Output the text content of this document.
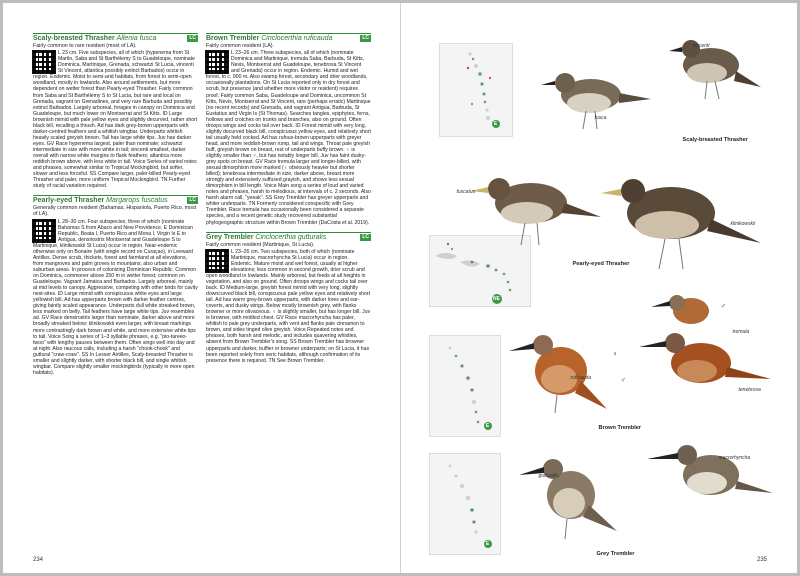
Scaly-breasted Thrasher Allenia fusca	LC
Fairly common to rare resident (most of LA).
L 23 cm. Five subspecies, all of which (hypenema from St Martin, Saba and St Barthélemy S to Guadeloupe, nominate Dominica, Martinique, Grenada, schwartzi St Lucia, vincenti St Vincent, atlantica possibly extinct Barbados) occur in region. Endemic. Moist to semi-arid habitats, from forest to semi-open woodland, mostly in lowlands. Also around settlements, but more dependent on wetter forest than Pearly-eyed Thrasher. Fairly common from Saba and St Barthélemy S to St Lucia, but rare and local on Grenada, vagrant on Grenadines, and very rare Barbuda and possibly extinct Barbados. Largely arboreal, forages in canopy on Dominica and Guadeloupe, but much lower on Montserrat and St Kitts. ID Large brownish mimid with pale yellow eyes and slightly decurved, rather short black bill, recalling a thrush. Ad has dark grey-brown upperparts with darker-centred feathers and a whitish wingbar. Underparts whitish heavily scaled greyish brown. Tail has large white tips. Juv has darker eyes. GV Race hypenema largest, paler than nominate; schwartzi intermediate in size with more white in tail; vincenti smallest, darker overall with narrow white margins to flank feathers; atlantica more reddish brown above, with less white in tail. Voice Series of varied notes and phrases, somewhat similar to Tropical Mockingbird, but softer, slower and less forceful. SS Compare larger, paler-billed Pearly-eyed Thrasher and paler, more uniform Tropical Mockingbird. TN Further study of racial variation required.
Pearly-eyed Thrasher Margarops fuscatus	LC
Generally common resident (Bahamas, Hispaniola, Puerto Rico, most of LA).
L 28–30 cm. Four subspecies, three of which (nominate Bahamas S from Abaco and New Providence, E Dominican Republic, Beata I, Puerto Rico and Mona I, Virgin Is E to Antigua, densirostris Montserrat and Guadeloupe S to Martinique, klinikowskii St Lucia) occur in region. Near-endemic otherwise only on Bonaire (with single record on Curaçao), in Leeward Antilles. Dense scrub, thickets, forest and farmland at all elevations, from mangroves and palm groves to mountains; also urban and suburban areas. In process of colonizing Dominican Republic. Common on Dominica, commoner above 250 m in wetter forest; common on Guadeloupe. Vagrant Jamaica and Barbados. Largely arboreal, mainly at mid levels to canopy. Aggressive, competing with other birds for cavity nest-sites. ID Large mimid with conspicuous white eyes and large yellowish bill. Ad has upperparts brown with darker feather centres, giving faintly scaled appearance. Underparts dull white streaked brown, less marked on belly. Tail feathers have large white tips. Juv resembles ad. GV Race densirostris larger than nominate, darker above and more broadly streaked below; klinikowskii even larger, with breast markings more contrastingly dark brown and white, and more extensive white tips to tail. Voice Song a series of 1–3 syllable phrases, e.g. "pio-tareeo-twoo" with lengthy pauses between them. Often sings well into day and at night. Also raucous calls, including a harsh "chook-chook" and guttural "craw-craw". SS In Lesser Antilles, Scaly-breasted Thrasher is smaller and slightly darker, with shorter black bill, and single whitish wingbar. Compare slightly smaller mockingbirds (typically in more open habitats).
Brown Trembler Cinclocerthia ruficauda	LC
Fairly common resident (LA).
L 23–26 cm. Three subspecies, all of which (nominate Dominica and Martinique, tremula Saba, Barbuda, St Kitts, Nevis, Montserrat and Guadeloupe, tenebrosa St Vincent and Grenada) occur in region. Endemic. Humid and wet forest, to c. 900 m. Also swamp forest, secondary and drier woodlands, occasionally plantations. On St Lucia reported only in dry forest and scrub, but presence (and whether more visitor or resident) requires proof. Fairly common Saba, Guadeloupe and Dominica, uncommon St Kitts, Nevis, Montserrat and St Vincent, rare (perhaps erratic) Martinique (no recent records) and Grenada, and vagrant Antigua, Barbuda, St Eustatius and Virgin Is (St Thomas). Searches tangles, epiphytes, ferns, hollows and crotches on trunks and branches, also on ground. Often droops wings and cocks tail over back. ID Forest mimid with very long, slightly decurved black bill, conspicuous yellow eyes, and relatively short tail usually held cocked. Ad has rufous-brown upperparts with greyer head, and more reddish-brown rump, tail and wings. Throat pale greyish buff, greyish brown on breast, rest of underparts buffy brown. ♀ is slightly smaller than ♂, but has notably longer bill. Juv has faint dusky-grey spots on breast. GV Race tremula larger and longer-billed, with sexual dimorphism more marked (♀ obviously heavier but shorter billed); tenebrosa intermediate in size, darker above, breast more strongly and extensively suffused grayish, and shows less sexual dimorphism in bill length. Voice Main song a series of loud and varied notes and phrases, harsh to melodious, at intervals of c. 2 seconds. Also harsh alarm call, "yeeak". SS Grey Trembler has greyer upperparts and whiter underparts. TN Formerly considered conspecific with Grey Trembler. Race tremula has occasionally been considered a separate species, and a recent genetic study recovered substantial phylogeographic structure within Brown Trembler (DaCosta et al. 2019).
Grey Trembler Cinclocerthia gutturalis	LC
Fairly common resident (Martinique, St Lucia).
L 23–26 cm. Two subspecies, both of which (nominate Martinique, macrorhyncha St Lucia) occur in region. Endemic. Mature moist and wet forest, usually at higher elevations; less common in second growth, drier scrub and open woodland in lowlands. Mainly arboreal, but feeds at all heights in vegetation, and also on ground. Often droops wings and cocks tail over back. ID Medium-large, greyish forest mimid with very long, slightly downcurved black bill, conspicuous pale yellow eyes and relatively short tail. Ad has warm grey-brown upperparts, with darker lores and ear-coverts, and dusky wings. Below mostly brownish grey, with flanks browner or more olivaceous. ♀ is slightly smaller, but has longer bill. Juv is browner, with mottled chest. GV Race macrorhyncha has paler, whitish to pale grey underparts, with vent and flanks pale cinnamon to brown, and sides tinged olive greyish. Voice Repeated notes and phrases, both harsh and melodic, and includes quavering whistles, absent from Brown Trembler's song. SS Brown Trembler has browner upperparts and darker, buffier or browner underparts; on St Lucia, it has been reported solely from xeric habitats, although confirmation of its presence there is required. TN See Brown Trembler.
234
E
vincenti
fusca
Scaly-breasted Thrasher
NE
fuscatus
klinikowskii
Pearly-eyed Thrasher
E
tremula
♂
♀
ruficauda	♂
tenebrosa
Brown Trembler
E
gutturalis
macrorhyncha
Grey Trembler
235
